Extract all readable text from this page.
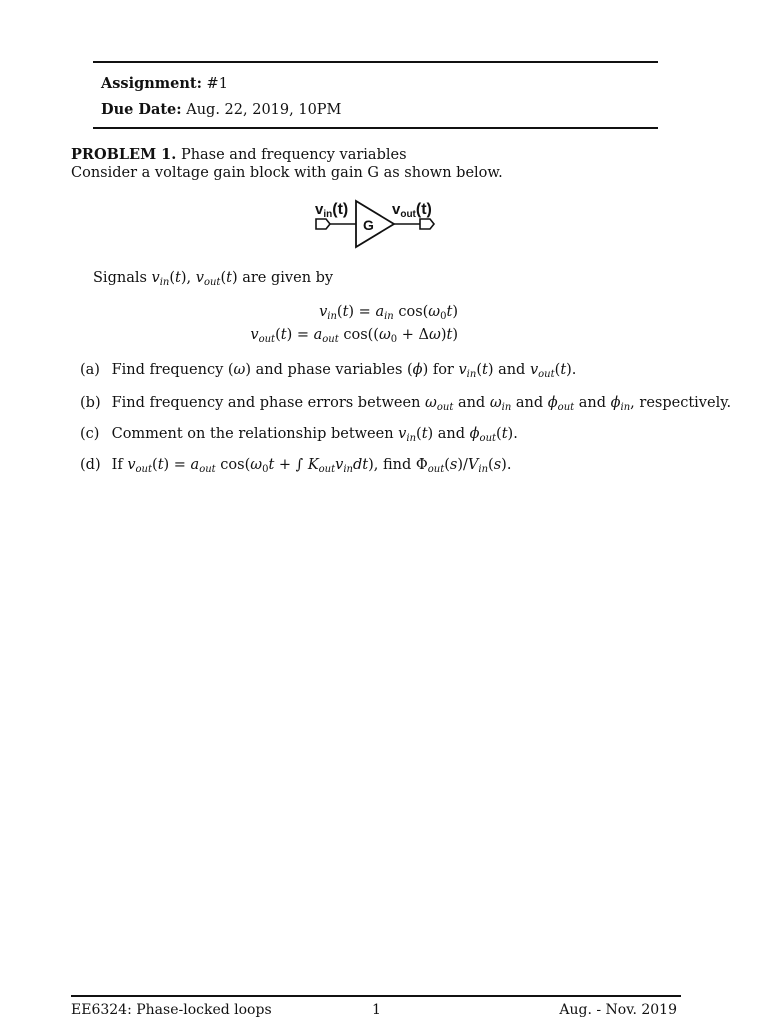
Assignment: #1
Due Date: Aug. 22, 2019, 10PM
PROBLEM 1. Phase and frequency variables
Consider a voltage gain block with gain G as shown below.
$v_{in}(t)$	$v_{out}(t)$
G
Signals $v_{in}(t)$, $v_{out}(t)$ are given by
$v_{in}(t) = a_{in}$ $\cos(\omega_0t)$
$v_{out}(t) = a_{out}$ $\cos((\omega_0 + \Delta\omega)t)$
(a) Find frequency (ω) and phase variables (ϕ) for $v_{in}(t)$ and $v_{out}(t)$.
(b) Find frequency and phase errors between $\omega_{out}$ and $\omega_{in}$ and $\phi_{out}$ and $\phi_{in}$, respectively.
(c) Comment on the relationship between $v_{in}(t)$ and $\phi_{out}(t)$.
(d) If $v_{out}(t) = a_{out}$ $\cos(\omega_0t$ + ∫ $K_{out}v_{in}dt$), find $\Phi_{out}(s)/V_{in}(s)$.
EE6324: Phase-locked loops	1	Aug. - Nov. 2019
